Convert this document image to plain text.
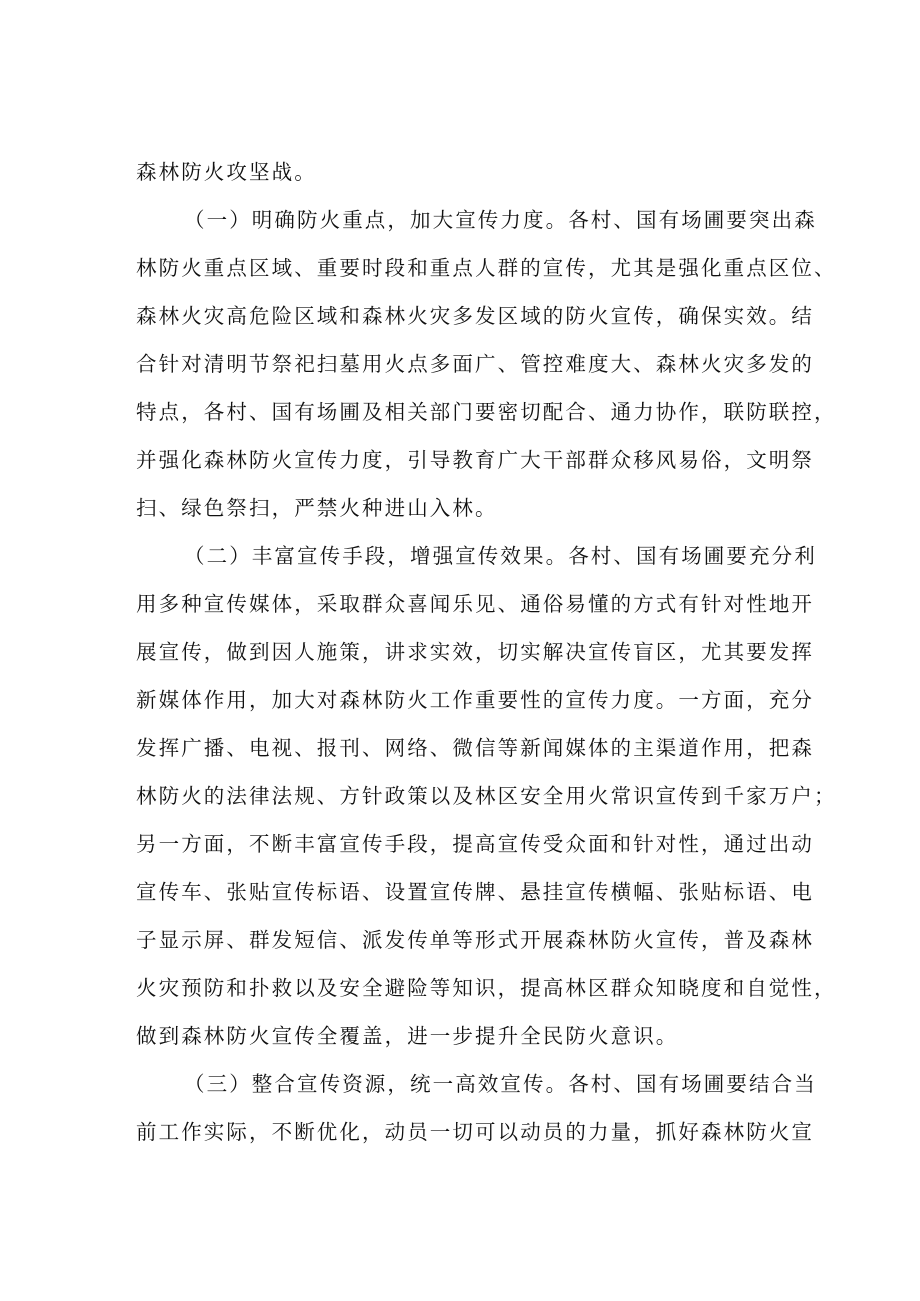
森林防火攻坚战。
（一）明确防火重点，加大宣传力度。各村、国有场圃要突出森
林防火重点区域、重要时段和重点人群的宣传，尤其是强化重点区位、
森林火灾高危险区域和森林火灾多发区域的防火宣传，确保实效。结
合针对清明节祭祀扫墓用火点多面广、管控难度大、森林火灾多发的
特点，各村、国有场圃及相关部门要密切配合、通力协作，联防联控，
并强化森林防火宣传力度，引导教育广大干部群众移风易俗，文明祭
扫、绿色祭扫，严禁火种进山入林。
（二）丰富宣传手段，增强宣传效果。各村、国有场圃要充分利
用多种宣传媒体，采取群众喜闻乐见、通俗易懂的方式有针对性地开
展宣传，做到因人施策，讲求实效，切实解决宣传盲区，尤其要发挥
新媒体作用，加大对森林防火工作重要性的宣传力度。一方面，充分
发挥广播、电视、报刊、网络、微信等新闻媒体的主渠道作用，把森
林防火的法律法规、方针政策以及林区安全用火常识宣传到千家万户；
另一方面，不断丰富宣传手段，提高宣传受众面和针对性，通过出动
宣传车、张贴宣传标语、设置宣传牌、悬挂宣传横幅、张贴标语、电
子显示屏、群发短信、派发传单等形式开展森林防火宣传，普及森林
火灾预防和扑救以及安全避险等知识，提高林区群众知晓度和自觉性，
做到森林防火宣传全覆盖，进一步提升全民防火意识。
（三）整合宣传资源，统一高效宣传。各村、国有场圃要结合当
前工作实际，不断优化，动员一切可以动员的力量，抓好森林防火宣
